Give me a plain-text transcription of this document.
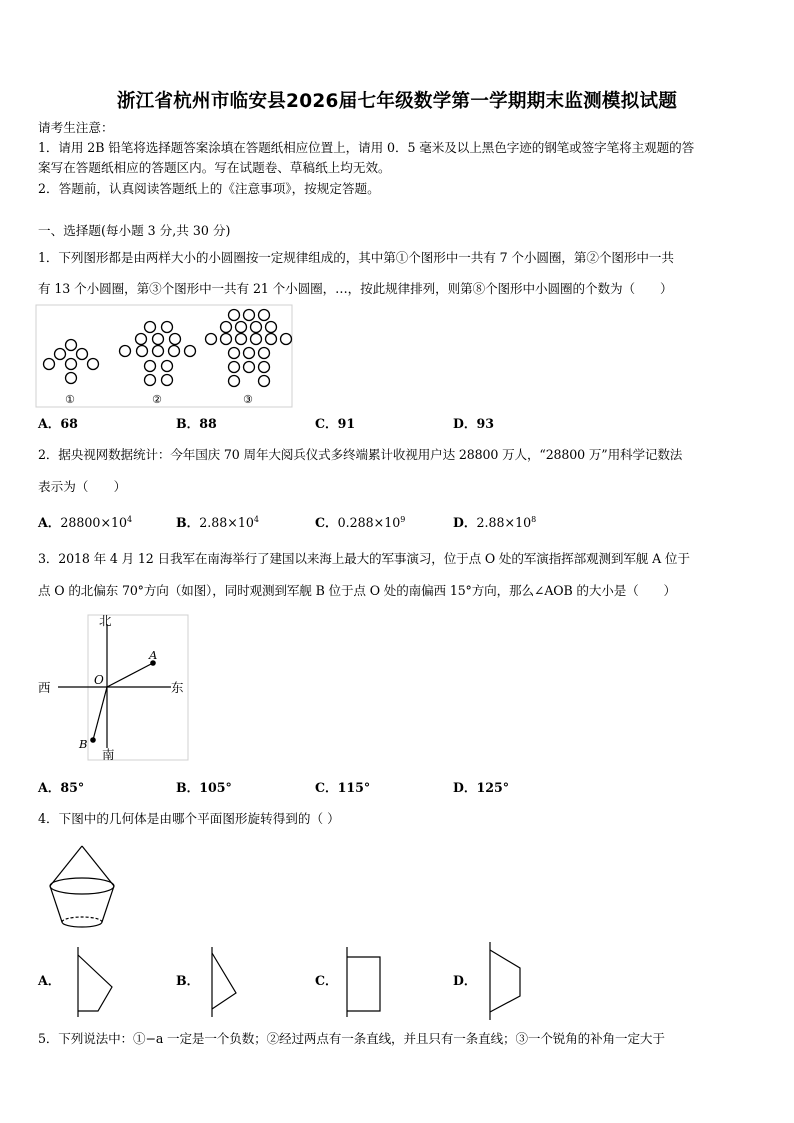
浙江省杭州市临安县2026届七年级数学第一学期期末监测模拟试题
请考生注意：
1．请用 2B 铅笔将选择题答案涂填在答题纸相应位置上，请用 0．5 毫米及以上黑色字迹的钢笔或签字笔将主观题的答
案写在答题纸相应的答题区内。写在试题卷、草稿纸上均无效。
2．答题前，认真阅读答题纸上的《注意事项》，按规定答题。
一、选择题(每小题 3 分,共 30 分)
1．下列图形都是由两样大小的小圆圈按一定规律组成的，其中第①个图形中一共有 7 个小圆圈，第②个图形中一共
有 13 个小圆圈，第③个图形中一共有 21 个小圆圈，…，按此规律排列，则第⑧个图形中小圆圈的个数为（　　）
①	②	③
A．68	B．88	C．91	D．93
2．据央视网数据统计：今年国庆 70 周年大阅兵仪式多终端累计收视用户达 28800 万人，“28800 万”用科学记数法
表示为（　　）
A．$28800\times 10^4$	B．$2.88\times 10^4$	C．$0.288\times 10^9$	D．$2.88\times 10^8$
3．2018 年 4 月 12 日我军在南海举行了建国以来海上最大的军事演习，位于点 O 处的军演指挥部观测到军舰 A 位于
点 O 的北偏东 70°方向（如图），同时观测到军舰 B 位于点 O 处的南偏西 15°方向，那么∠AOB 的大小是（　　）
北
南
西	东
O
A
B
A．85°	B．105°	C．115°	D．125°
4．下图中的几何体是由哪个平面图形旋转得到的（ ）
A．	B．	C．	D．
5．下列说法中：①−a 一定是一个负数；②经过两点有一条直线，并且只有一条直线；③一个锐角的补角一定大于
